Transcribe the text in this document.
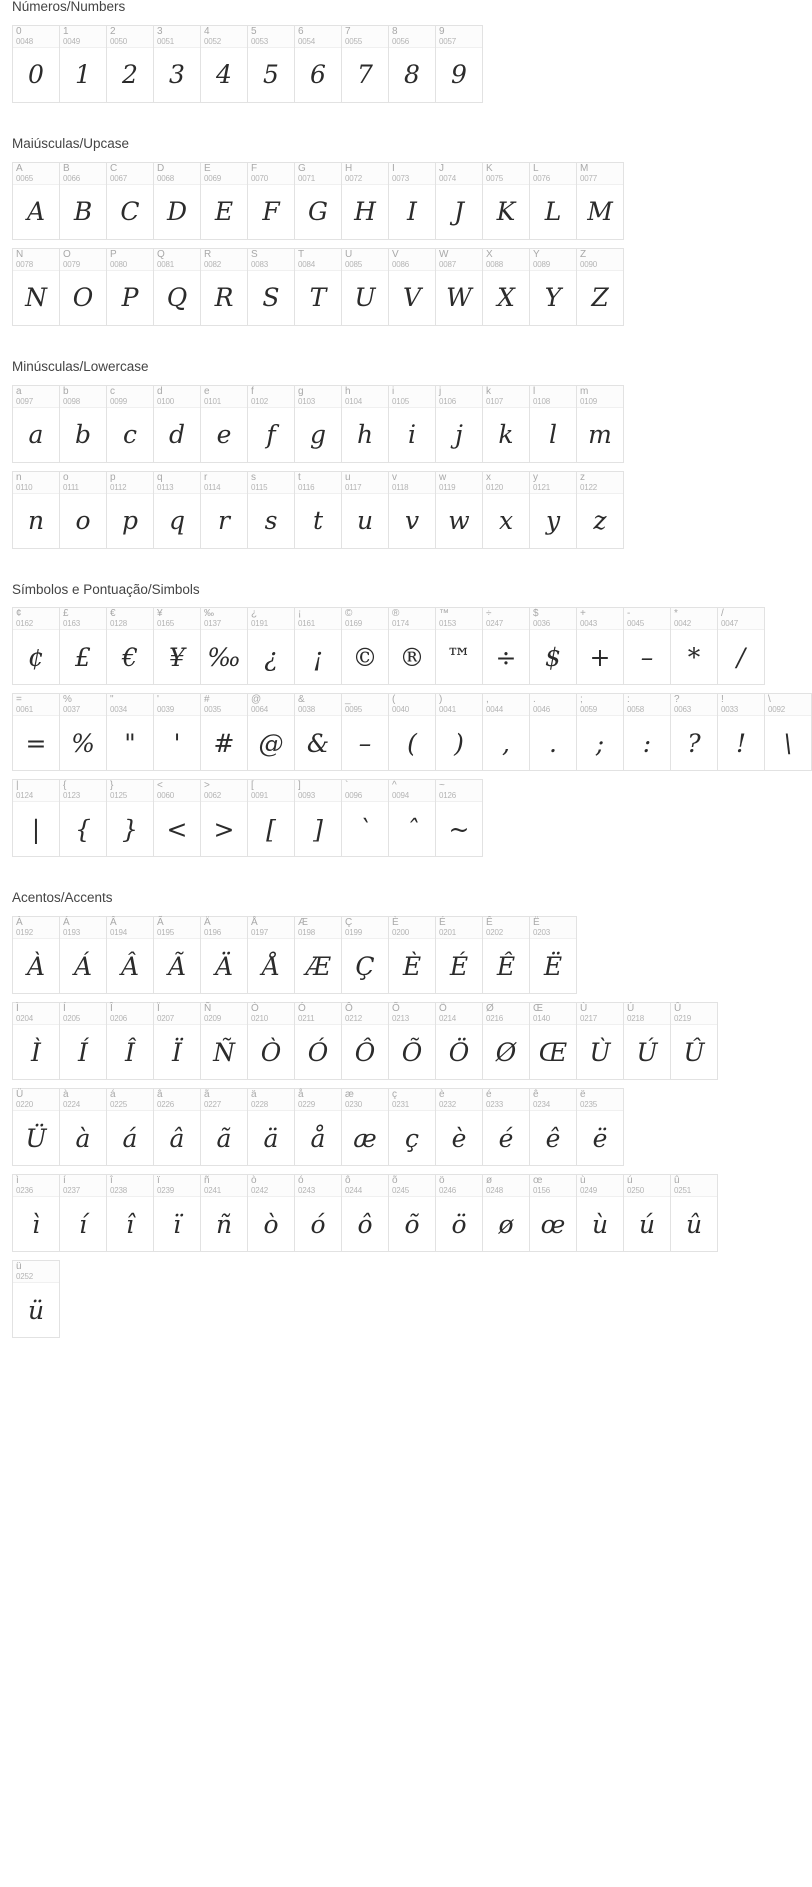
Números/Numbers
0
0048
0
1
0049
1
2
0050
2
3
0051
3
4
0052
4
5
0053
5
6
0054
6
7
0055
7
8
0056
8
9
0057
9
Maiúsculas/Upcase
A
0065
A
B
0066
B
C
0067
C
D
0068
D
E
0069
E
F
0070
F
G
0071
G
H
0072
H
I
0073
I
J
0074
J
K
0075
K
L
0076
L
M
0077
M
N
0078
N
O
0079
O
P
0080
P
Q
0081
Q
R
0082
R
S
0083
S
T
0084
T
U
0085
U
V
0086
V
W
0087
W
X
0088
X
Y
0089
Y
Z
0090
Z
Minúsculas/Lowercase
a
0097
a
b
0098
b
c
0099
c
d
0100
d
e
0101
e
f
0102
f
g
0103
g
h
0104
h
i
0105
i
j
0106
j
k
0107
k
l
0108
l
m
0109
m
n
0110
n
o
0111
o
p
0112
p
q
0113
q
r
0114
r
s
0115
s
t
0116
t
u
0117
u
v
0118
v
w
0119
w
x
0120
x
y
0121
y
z
0122
z
Símbolos e Pontuação/Simbols
¢
0162
¢
£
0163
£
€
0128
€
¥
0165
¥
‰
0137
‰
¿
0191
¿
¡
0161
¡
©
0169
©
®
0174
®
™
0153
™
÷
0247
÷
$
0036
$
+
0043
+
-
0045
–
*
0042
*
/
0047
/
=
0061
=
%
0037
%
"
0034
"
'
0039
'
#
0035
#
@
0064
@
&
0038
&
_
0095
–
(
0040
(
)
0041
)
,
0044
,
.
0046
.
;
0059
;
:
0058
:
?
0063
?
!
0033
!
\
0092
\
|
0124
|
{
0123
{
}
0125
}
<
0060
<
>
0062
>
[
0091
[
]
0093
]
`
0096
`
^
0094
ˆ
~
0126
~
Acentos/Accents
À
0192
À
Á
0193
Á
Â
0194
Â
Ã
0195
Ã
Ä
0196
Ä
Å
0197
Å
Æ
0198
Æ
Ç
0199
Ç
È
0200
È
É
0201
É
Ê
0202
Ê
Ë
0203
Ë
Ì
0204
Ì
Í
0205
Í
Î
0206
Î
Ï
0207
Ï
Ñ
0209
Ñ
Ò
0210
Ò
Ó
0211
Ó
Ô
0212
Ô
Õ
0213
Õ
Ö
0214
Ö
Ø
0216
Ø
Œ
0140
Œ
Ù
0217
Ù
Ú
0218
Ú
Û
0219
Û
Ü
0220
Ü
à
0224
à
á
0225
á
â
0226
â
ã
0227
ã
ä
0228
ä
å
0229
å
æ
0230
æ
ç
0231
ç
è
0232
è
é
0233
é
ê
0234
ê
ë
0235
ë
ì
0236
ì
í
0237
í
î
0238
î
ï
0239
ï
ñ
0241
ñ
ò
0242
ò
ó
0243
ó
ô
0244
ô
õ
0245
õ
ö
0246
ö
ø
0248
ø
œ
0156
œ
ù
0249
ù
ú
0250
ú
û
0251
û
ü
0252
ü
